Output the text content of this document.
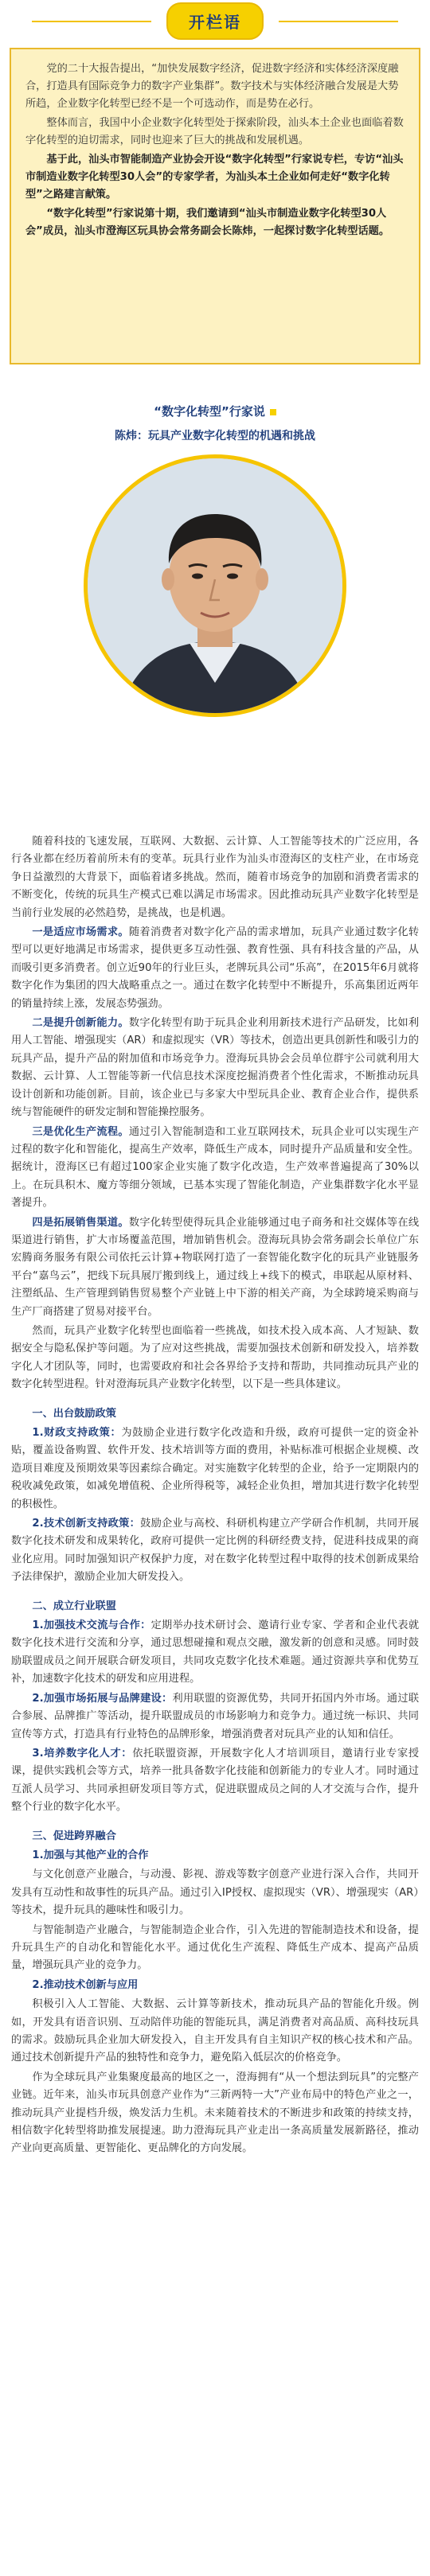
开栏语

党的二十大报告提出，“加快发展数字经济，促进数字经济和实体经济深度融合，打造具有国际竞争力的数字产业集群”。数字技术与实体经济融合发展是大势所趋，企业数字化转型已经不是一个可选动作，而是势在必行。

整体而言，我国中小企业数字化转型处于探索阶段，汕头本土企业也面临着数字化转型的迫切需求，同时也迎来了巨大的挑战和发展机遇。

基于此，汕头市智能制造产业协会开设“数字化转型”行家说专栏，专访“汕头市制造业数字化转型30人会”的专家学者，为汕头本土企业如何走好“数字化转型”之路建言献策。

“数字化转型”行家说第十期，我们邀请到“汕头市制造业数字化转型30人会”成员，汕头市澄海区玩具协会常务副会长陈炜，一起探讨数字化转型话题。

“数字化转型”行家说
陈炜：玩具产业数字化转型的机遇和挑战

随着科技的飞速发展，互联网、大数据、云计算、人工智能等技术的广泛应用，各行各业都在经历着前所未有的变革。玩具行业作为汕头市澄海区的支柱产业，在市场竞争日益激烈的大背景下，面临着诸多挑战。然而，随着市场竞争的加剧和消费者需求的不断变化，传统的玩具生产模式已难以满足市场需求。因此推动玩具产业数字化转型是当前行业发展的必然趋势，是挑战，也是机遇。

一是适应市场需求。随着消费者对数字化产品的需求增加，玩具产业通过数字化转型可以更好地满足市场需求，提供更多互动性强、教育性强、具有科技含量的产品，从而吸引更多消费者。创立近90年的行业巨头，老牌玩具公司“乐高”，在2015年6月就将数字化作为集团的四大战略重点之一。通过在数字化转型中不断提升，乐高集团近两年的销量持续上涨，发展态势强劲。

二是提升创新能力。数字化转型有助于玩具企业利用新技术进行产品研发，比如利用人工智能、增强现实（AR）和虚拟现实（VR）等技术，创造出更具创新性和吸引力的玩具产品，提升产品的附加值和市场竞争力。澄海玩具协会会员单位群宇公司就利用大数据、云计算、人工智能等新一代信息技术深度挖掘消费者个性化需求，不断推动玩具设计创新和功能创新。目前，该企业已与多家大中型玩具企业、教育企业合作，提供系统与智能硬件的研发定制和智能操控服务。

三是优化生产流程。通过引入智能制造和工业互联网技术，玩具企业可以实现生产过程的数字化和智能化，提高生产效率，降低生产成本，同时提升产品质量和安全性。据统计，澄海区已有超过100家企业实施了数字化改造，生产效率普遍提高了30%以上。在玩具积木、魔方等细分领域，已基本实现了智能化制造，产业集群数字化水平显著提升。

四是拓展销售渠道。数字化转型使得玩具企业能够通过电子商务和社交媒体等在线渠道进行销售，扩大市场覆盖范围，增加销售机会。澄海玩具协会常务副会长单位广东宏腾商务服务有限公司依托云计算+物联网打造了一套智能化数字化的玩具产业链服务平台“嘉鸟云”，把线下玩具展厅搬到线上，通过线上+线下的模式，串联起从原材料、注塑纸品、生产管理到销售贸易整个产业链上中下游的相关产商，为全球跨境采购商与生产厂商搭建了贸易对接平台。

然而，玩具产业数字化转型也面临着一些挑战，如技术投入成本高、人才短缺、数据安全与隐私保护等问题。为了应对这些挑战，需要加强技术创新和研发投入，培养数字化人才团队等，同时，也需要政府和社会各界给予支持和帮助，共同推动玩具产业的数字化转型进程。针对澄海玩具产业数字化转型，以下是一些具体建议。

一、出台鼓励政策

1.财政支持政策：为鼓励企业进行数字化改造和升级，政府可提供一定的资金补贴，覆盖设备购置、软件开发、技术培训等方面的费用，补贴标准可根据企业规模、改造项目难度及预期效果等因素综合确定。对实施数字化转型的企业，给予一定期限内的税收减免政策，如减免增值税、企业所得税等，减轻企业负担，增加其进行数字化转型的积极性。

2.技术创新支持政策：鼓励企业与高校、科研机构建立产学研合作机制，共同开展数字化技术研发和成果转化，政府可提供一定比例的科研经费支持，促进科技成果的商业化应用。同时加强知识产权保护力度，对在数字化转型过程中取得的技术创新成果给予法律保护，激励企业加大研发投入。

二、成立行业联盟

1.加强技术交流与合作：定期举办技术研讨会、邀请行业专家、学者和企业代表就数字化技术进行交流和分享，通过思想碰撞和观点交融，激发新的创意和灵感。同时鼓励联盟成员之间开展联合研发项目，共同攻克数字化技术难题。通过资源共享和优势互补，加速数字化技术的研发和应用进程。

2.加强市场拓展与品牌建设：利用联盟的资源优势，共同开拓国内外市场。通过联合参展、品牌推广等活动，提升联盟成员的市场影响力和竞争力。通过统一标识、共同宣传等方式，打造具有行业特色的品牌形象，增强消费者对玩具产业的认知和信任。

3.培养数字化人才：依托联盟资源，开展数字化人才培训项目，邀请行业专家授课，提供实践机会等方式，培养一批具备数字化技能和创新能力的专业人才。同时通过互派人员学习、共同承担研发项目等方式，促进联盟成员之间的人才交流与合作，提升整个行业的数字化水平。

三、促进跨界融合

1.加强与其他产业的合作

与文化创意产业融合，与动漫、影视、游戏等数字创意产业进行深入合作，共同开发具有互动性和故事性的玩具产品。通过引入IP授权、虚拟现实（VR）、增强现实（AR）等技术，提升玩具的趣味性和吸引力。

与智能制造产业融合，与智能制造企业合作，引入先进的智能制造技术和设备，提升玩具生产的自动化和智能化水平。通过优化生产流程、降低生产成本、提高产品质量，增强玩具产业的竞争力。

2.推动技术创新与应用

积极引入人工智能、大数据、云计算等新技术，推动玩具产品的智能化升级。例如，开发具有语音识别、互动陪伴功能的智能玩具，满足消费者对高品质、高科技玩具的需求。鼓励玩具企业加大研发投入，自主开发具有自主知识产权的核心技术和产品。通过技术创新提升产品的独特性和竞争力，避免陷入低层次的价格竞争。

作为全球玩具产业集聚度最高的地区之一，澄海拥有“从一个想法到玩具”的完整产业链。近年来，汕头市玩具创意产业作为“三新两特一大”产业布局中的特色产业之一，推动玩具产业提档升级，焕发活力生机。未来随着技术的不断进步和政策的持续支持，相信数字化转型将助推发展提速。助力澄海玩具产业走出一条高质量发展新路径，推动产业向更高质量、更智能化、更品牌化的方向发展。
